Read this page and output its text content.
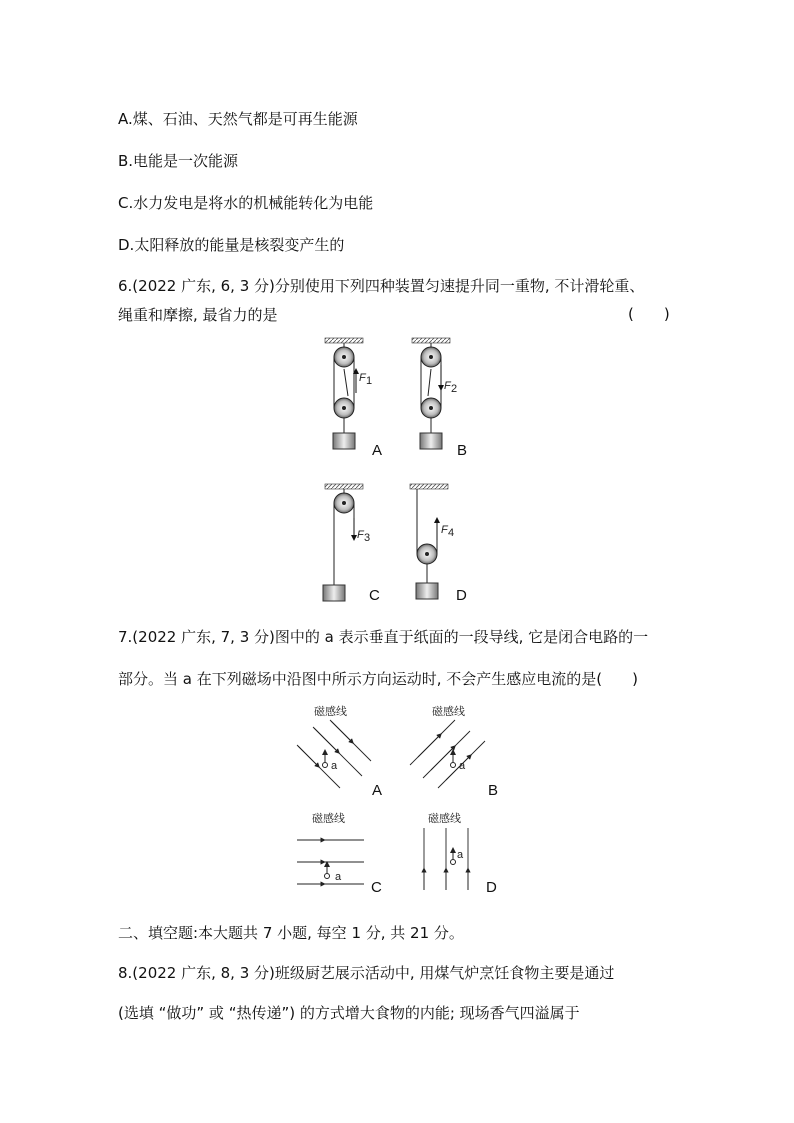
A.煤、石油、天然气都是可再生能源
B.电能是一次能源
C.水力发电是将水的机械能转化为电能
D.太阳释放的能量是核裂变产生的
6.(2022 广东, 6, 3 分)分别使用下列四种装置匀速提升同一重物, 不计滑轮重、
绳重和摩擦, 最省力的是	(　　)
F 1
A
F 2
B
F 3
C
F 4
D
7.(2022 广东, 7, 3 分)图中的 a 表示垂直于纸面的一段导线, 它是闭合电路的一
部分。当 a 在下列磁场中沿图中所示方向运动时, 不会产生感应电流的是(　　)
磁感线
a
A
磁感线
a
B
磁感线
a
C
磁感线
a
D
二、填空题:本大题共 7 小题, 每空 1 分, 共 21 分。
8.(2022 广东, 8, 3 分)班级厨艺展示活动中, 用煤气炉烹饪食物主要是通过
(选填 “做功” 或 “热传递”) 的方式增大食物的内能; 现场香气四溢属于
